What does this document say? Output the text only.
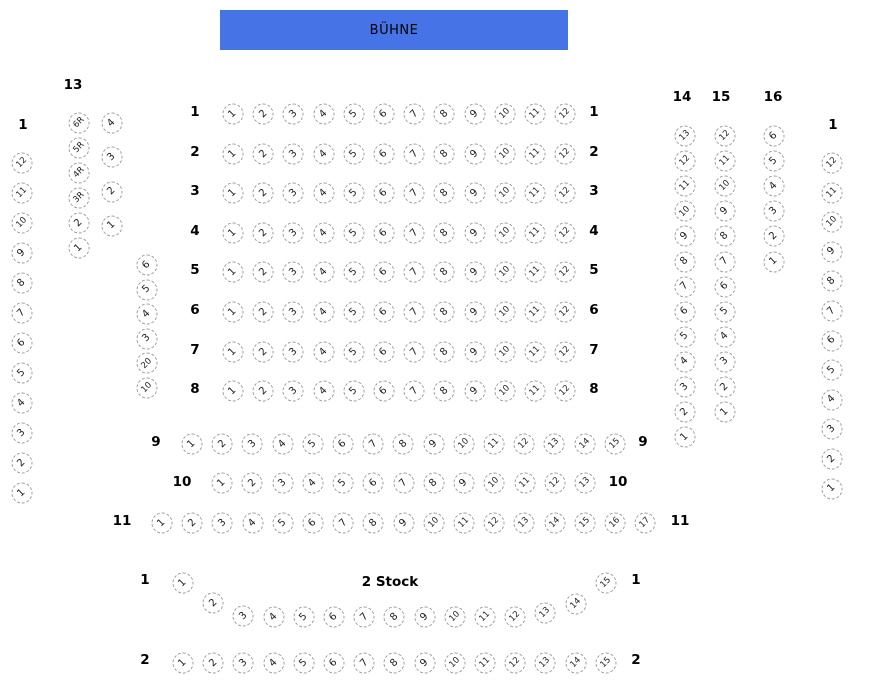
BÜHNE
12
11
10
9
8
7
6
5
4
3
2
1
6R
5R
4R
3R
2
1
4
3
2
1
6
5
4
3
20
10
1 2 3 4 5 6 7 8 9 10 11 12
1 2 3 4 5 6 7 8 9 10 11 12
1 2 3 4 5 6 7 8 9 10 11 12
1 2 3 4 5 6 7 8 9 10 11 12
1 2 3 4 5 6 7 8 9 10 11 12
1 2 3 4 5 6 7 8 9 10 11 12
1 2 3 4 5 6 7 8 9 10 11 12
1 2 3 4 5 6 7 8 9 10 11 12
1 2 3 4 5 6 7 8 9 10 11 12 13 14 15
1 2 3 4 5 6 7 8 9 10 11 12 13
1 2 3 4 5 6 7 8 9 10 11 12 13 14 15 16 17
1
2
3 4 5 6 7 8 9 10 11 12 13
14
15
1 2 3 4 5 6 7 8 9 10 11 12 13 14 15
13
12
11
10
9
8
7
6
5
4
3
2
1
12
11
10
9
8
7
6
5
4
3
2
1
6
5
4
3
2
1
12
11
10
9
8
7
6
5
4
3
2
1
1
13
14 15 16
1
1	1
2	2
3	3
4	4
5	5
6	6
7	7
8	8
9	9
10	10
11	11
1	1
2	2
2 Stock
